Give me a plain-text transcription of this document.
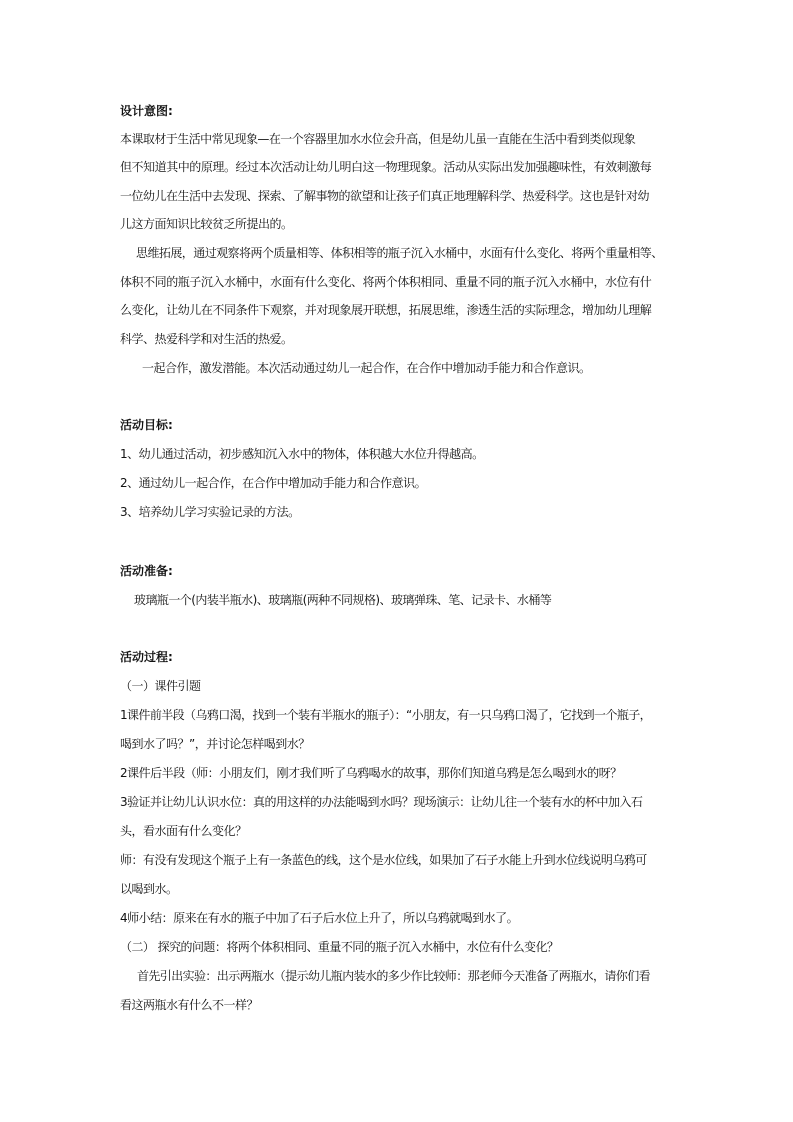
设计意图:
本课取材于生活中常见现象—在一个容器里加水水位会升高，但是幼儿虽一直能在生活中看到类似现象
但不知道其中的原理。经过本次活动让幼儿明白这一物理现象。活动从实际出发加强趣味性，有效刺激每
一位幼儿在生活中去发现、探索、了解事物的欲望和让孩子们真正地理解科学、热爱科学。这也是针对幼
儿这方面知识比较贫乏所提出的。
思维拓展，通过观察将两个质量相等、体积相等的瓶子沉入水桶中，水面有什么变化、将两个重量相等、
体积不同的瓶子沉入水桶中，水面有什么变化、将两个体积相同、重量不同的瓶子沉入水桶中，水位有什
么变化，让幼儿在不同条件下观察，并对现象展开联想，拓展思维，渗透生活的实际理念，增加幼儿理解
科学、热爱科学和对生活的热爱。
一起合作，激发潜能。本次活动通过幼儿一起合作，在合作中增加动手能力和合作意识。
活动目标:
1、幼儿通过活动，初步感知沉入水中的物体，体积越大水位升得越高。
2、通过幼儿一起合作，在合作中增加动手能力和合作意识。
3、培养幼儿学习实验记录的方法。
活动准备:
玻璃瓶一个(内装半瓶水)、玻璃瓶(两种不同规格)、玻璃弹珠、笔、记录卡、水桶等
活动过程:
（一）课件引题
1课件前半段（乌鸦口渴，找到一个装有半瓶水的瓶子）：“小朋友，有一只乌鸦口渴了，它找到一个瓶子，
喝到水了吗？”，并讨论怎样喝到水？
2课件后半段（师：小朋友们，刚才我们听了乌鸦喝水的故事，那你们知道乌鸦是怎么喝到水的呀？
3验证并让幼儿认识水位：真的用这样的办法能喝到水吗？现场演示：让幼儿往一个装有水的杯中加入石
头，看水面有什么变化？
师：有没有发现这个瓶子上有一条蓝色的线，这个是水位线，如果加了石子水能上升到水位线说明乌鸦可
以喝到水。
4师小结：原来在有水的瓶子中加了石子后水位上升了，所以乌鸦就喝到水了。
（二） 探究的问题：将两个体积相同、重量不同的瓶子沉入水桶中，水位有什么变化？
首先引出实验：出示两瓶水（提示幼儿瓶内装水的多少作比较师：那老师今天准备了两瓶水，请你们看
看这两瓶水有什么不一样？
